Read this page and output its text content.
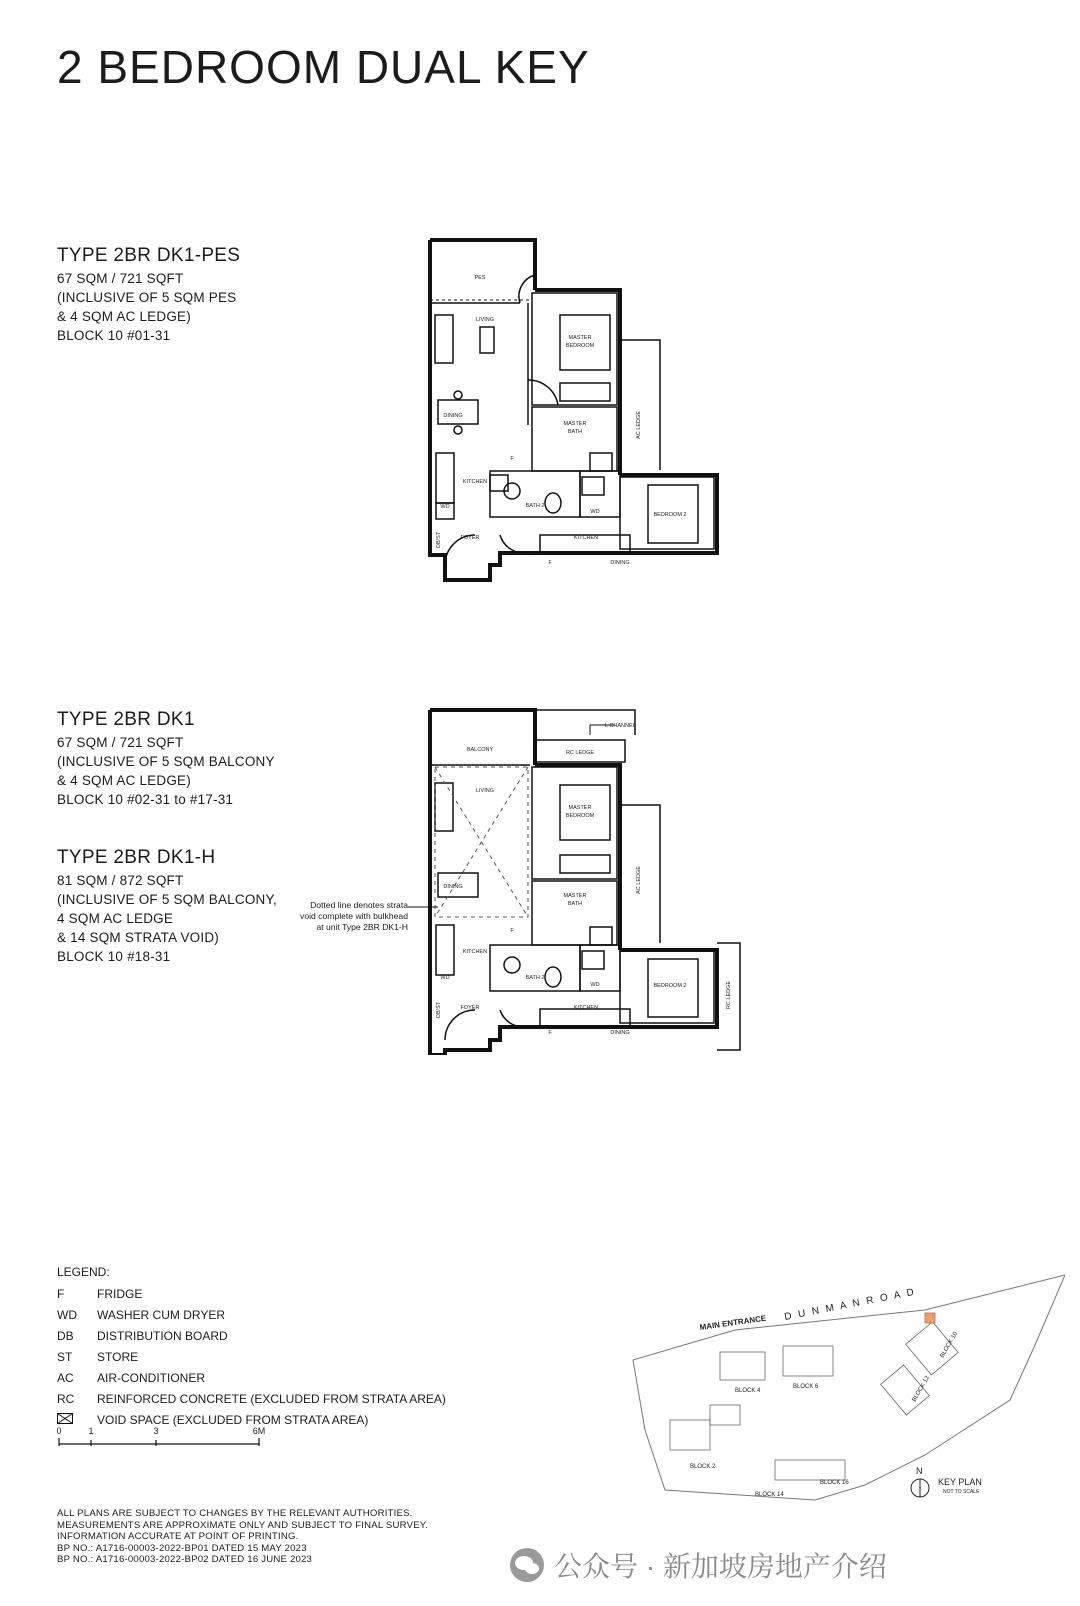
2 BEDROOM DUAL KEY
TYPE 2BR DK1-PES
67 SQM / 721 SQFT
(INCLUSIVE OF 5 SQM PES
& 4 SQM AC LEDGE)
BLOCK 10 #01-31
TYPE 2BR DK1
67 SQM / 721 SQFT
(INCLUSIVE OF 5 SQM BALCONY
& 4 SQM AC LEDGE)
BLOCK 10 #02-31 to #17-31
TYPE 2BR DK1-H
81 SQM / 872 SQFT
(INCLUSIVE OF 5 SQM BALCONY,
4 SQM AC LEDGE
& 14 SQM STRATA VOID)
BLOCK 10 #18-31
PES
LIVING
MASTER
BEDROOM
DINING
MASTER
BATH
KITCHEN
F
WD	BATH 2
WD	BEDROOM 2
FOYER	KITCHEN
F	DINING
AC LEDGE
DB/ST
BALCONY
L CHANNEL
RC LEDGE
LIVING
MASTER
BEDROOM
DINING
MASTER
BATH
KITCHEN
F
WD	BATH 2
WD	BEDROOM 2
FOYER	KITCHEN
F	DINING
AC LEDGE
RC LEDGE
DB/ST
Dotted line denotes strata
void complete with bulkhead
at unit Type 2BR DK1-H
LEGEND:
F	FRIDGE
WD	WASHER CUM DRYER
DB	DISTRIBUTION BOARD
ST	STORE
AC	AIR-CONDITIONER
RC	REINFORCED CONCRETE (EXCLUDED FROM STRATA AREA)
VOID SPACE (EXCLUDED FROM STRATA AREA)
0	1	3	6M
ALL PLANS ARE SUBJECT TO CHANGES BY THE RELEVANT AUTHORITIES.
MEASUREMENTS ARE APPROXIMATE ONLY AND SUBJECT TO FINAL SURVEY.
INFORMATION ACCURATE AT POINT OF PRINTING.
BP NO.: A1716-00003-2022-BP01 DATED 15 MAY 2023
BP NO.: A1716-00003-2022-BP02 DATED 16 JUNE 2023
MAIN ENTRANCE D U N M A N R O A D
BLOCK 4
BLOCK 6
BLOCK 2
BLOCK 16
BLOCK 14
BLOCK 12
BLOCK 10
N
KEY PLAN
NOT TO SCALE
公众号 · 新加坡房地产介绍
